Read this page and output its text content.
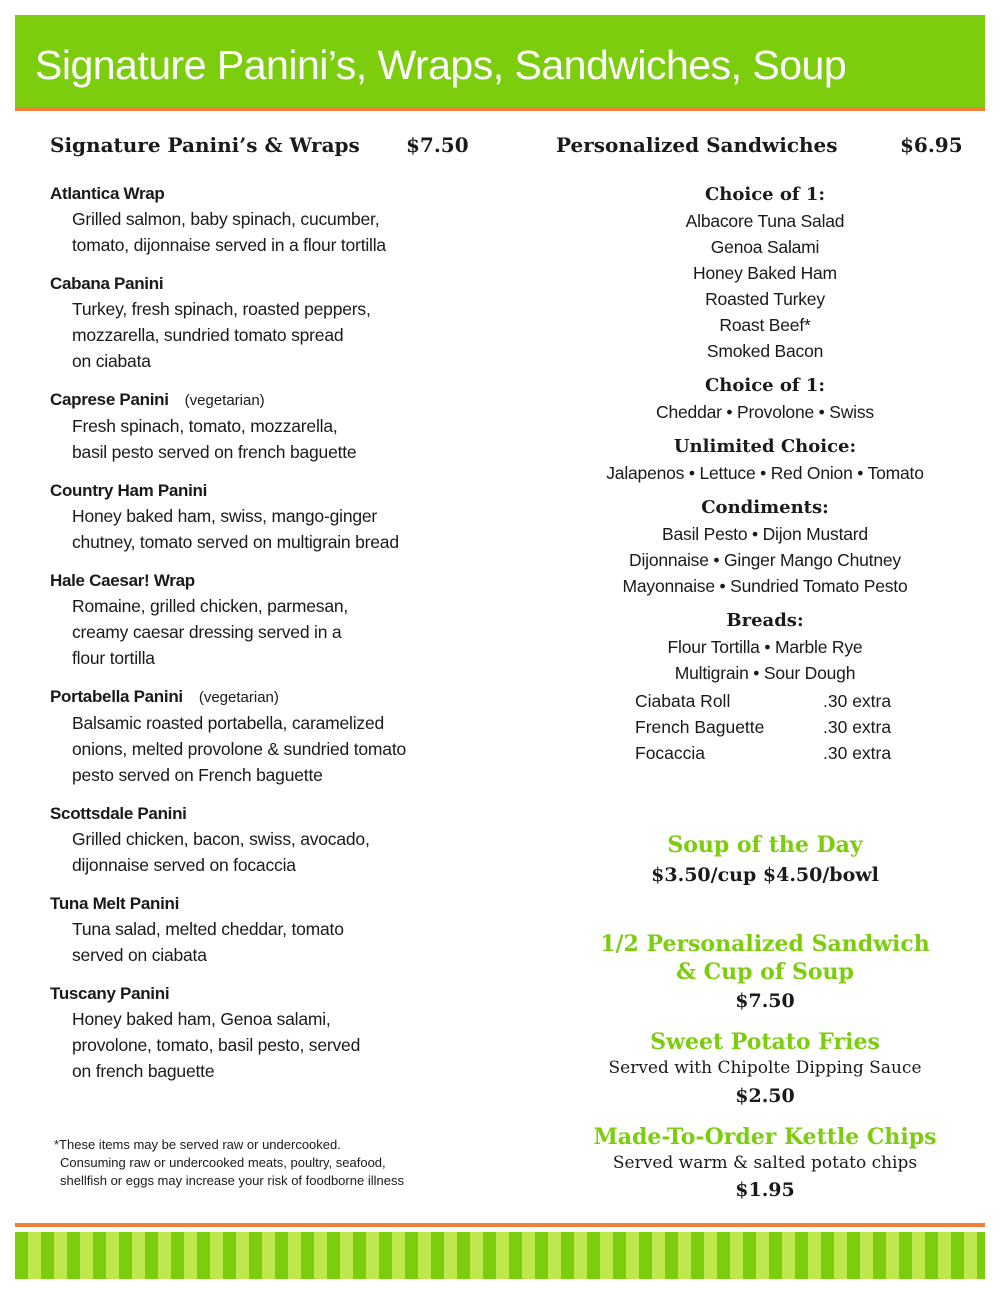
Signature Panini’s, Wraps, Sandwiches, Soup
Signature Panini’s & Wraps $7.50	Personalized Sandwiches	$6.95
Atlantica Wrap
Grilled salmon, baby spinach, cucumber,
tomato, dijonnaise served in a flour tortilla
Cabana Panini
Turkey, fresh spinach, roasted peppers,
mozzarella, sundried tomato spread
on ciabata
Caprese Panini (vegetarian)
Fresh spinach, tomato, mozzarella,
basil pesto served on french baguette
Country Ham Panini
Honey baked ham, swiss, mango-ginger
chutney, tomato served on multigrain bread
Hale Caesar! Wrap
Romaine, grilled chicken, parmesan,
creamy caesar dressing served in a
flour tortilla
Portabella Panini (vegetarian)
Balsamic roasted portabella, caramelized
onions, melted provolone & sundried tomato
pesto served on French baguette
Scottsdale Panini
Grilled chicken, bacon, swiss, avocado,
dijonnaise served on focaccia
Tuna Melt Panini
Tuna salad, melted cheddar, tomato
served on ciabata
Tuscany Panini
Honey baked ham, Genoa salami,
provolone, tomato, basil pesto, served
on french baguette
*These items may be served raw or undercooked.
Consuming raw or undercooked meats, poultry, seafood,
shellfish or eggs may increase your risk of foodborne illness
Choice of 1:
Albacore Tuna Salad
Genoa Salami
Honey Baked Ham
Roasted Turkey
Roast Beef*
Smoked Bacon
Choice of 1:
Cheddar • Provolone • Swiss
Unlimited Choice:
Jalapenos • Lettuce • Red Onion • Tomato
Condiments:
Basil Pesto • Dijon Mustard
Dijonnaise • Ginger Mango Chutney
Mayonnaise • Sundried Tomato Pesto
Breads:
Flour Tortilla • Marble Rye
Multigrain • Sour Dough
Ciabata Roll	.30 extra
French Baguette	.30 extra
Focaccia	.30 extra
Soup of the Day
$3.50/cup $4.50/bowl
1/2 Personalized Sandwich
& Cup of Soup
$7.50
Sweet Potato Fries
Served with Chipolte Dipping Sauce
$2.50
Made-To-Order Kettle Chips
Served warm & salted potato chips
$1.95
